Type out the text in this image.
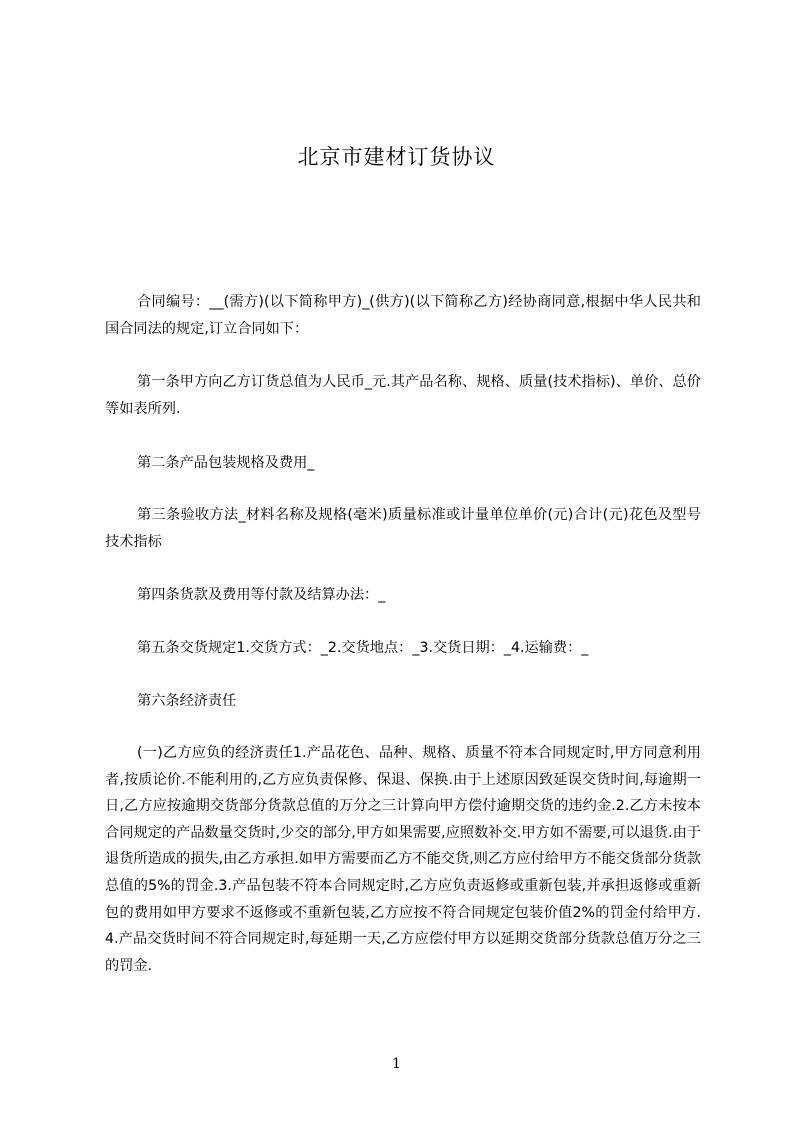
北京市建材订货协议

合同编号：__(需方)(以下简称甲方)_(供方)(以下简称乙方)经协商同意,根据中华人民共和国合同法的规定,订立合同如下：

第一条甲方向乙方订货总值为人民币_元.其产品名称、规格、质量(技术指标)、单价、总价等如表所列.

第二条产品包装规格及费用_

第三条验收方法_材料名称及规格(毫米)质量标准或计量单位单价(元)合计(元)花色及型号技术指标

第四条货款及费用等付款及结算办法：_

第五条交货规定1.交货方式：_2.交货地点：_3.交货日期：_4.运输费：_

第六条经济责任

(一)乙方应负的经济责任1.产品花色、品种、规格、质量不符本合同规定时,甲方同意利用者,按质论价.不能利用的,乙方应负责保修、保退、保换.由于上述原因致延误交货时间,每逾期一日,乙方应按逾期交货部分货款总值的万分之三计算向甲方偿付逾期交货的违约金.2.乙方未按本合同规定的产品数量交货时,少交的部分,甲方如果需要,应照数补交.甲方如不需要,可以退货.由于退货所造成的损失,由乙方承担.如甲方需要而乙方不能交货,则乙方应付给甲方不能交货部分货款总值的5%的罚金.3.产品包装不符本合同规定时,乙方应负责返修或重新包装,并承担返修或重新包的费用如甲方要求不返修或不重新包装,乙方应按不符合同规定包装价值2%的罚金付给甲方.4.产品交货时间不符合同规定时,每延期一天,乙方应偿付甲方以延期交货部分货款总值万分之三的罚金.

1
